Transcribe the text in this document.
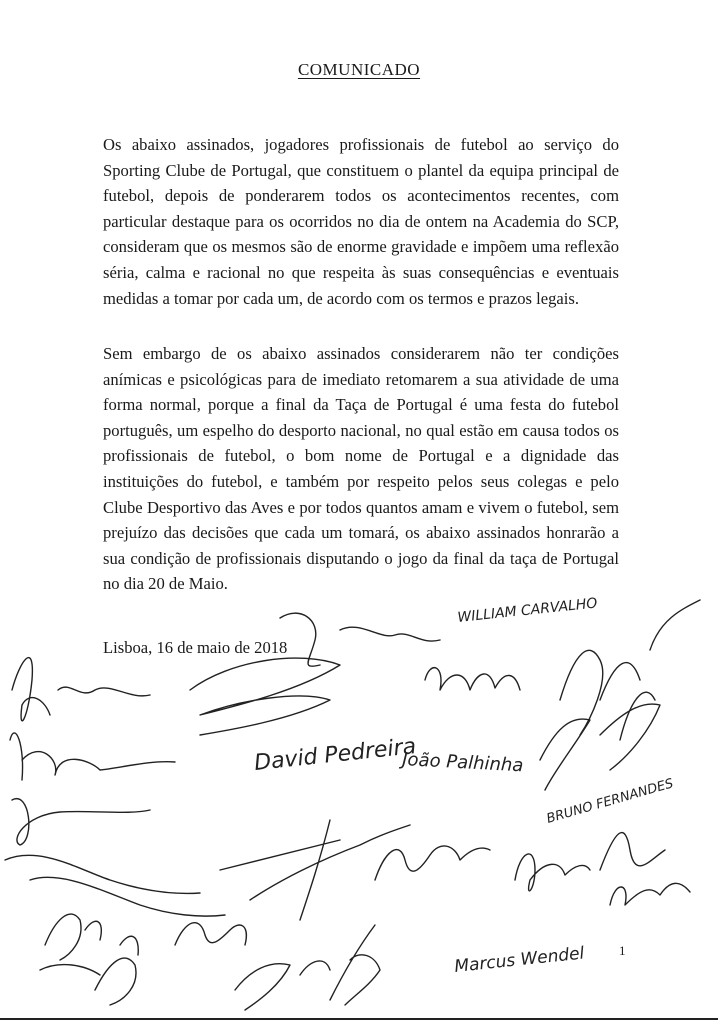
COMUNICADO

Os abaixo assinados, jogadores profissionais de futebol ao serviço do Sporting Clube de Portugal, que constituem o plantel da equipa principal de futebol, depois de ponderarem todos os acontecimentos recentes, com particular destaque para os ocorridos no dia de ontem na Academia do SCP, consideram que os mesmos são de enorme gravidade e impõem uma reflexão séria, calma e racional no que respeita às suas consequências e eventuais medidas a tomar por cada um, de acordo com os termos e prazos legais.

Sem embargo de os abaixo assinados considerarem não ter condições anímicas e psicológicas para de imediato retomarem a sua atividade de uma forma normal, porque a final da Taça de Portugal é uma festa do futebol português, um espelho do desporto nacional, no qual estão em causa todos os profissionais de futebol, o bom nome de Portugal e a dignidade das instituições do futebol, e também por respeito pelos seus colegas e pelo Clube Desportivo das Aves e por todos quantos amam e vivem o futebol, sem prejuízo das decisões que cada um tomará, os abaixo assinados honrarão a sua condição de profissionais disputando o jogo da final da taça de Portugal no dia 20 de Maio.

Lisboa, 16 de maio de 2018
1
WILLIAM CARVALHO
David Pedreira
João Palhinha
BRUNO FERNANDES
Marcus Wendel
